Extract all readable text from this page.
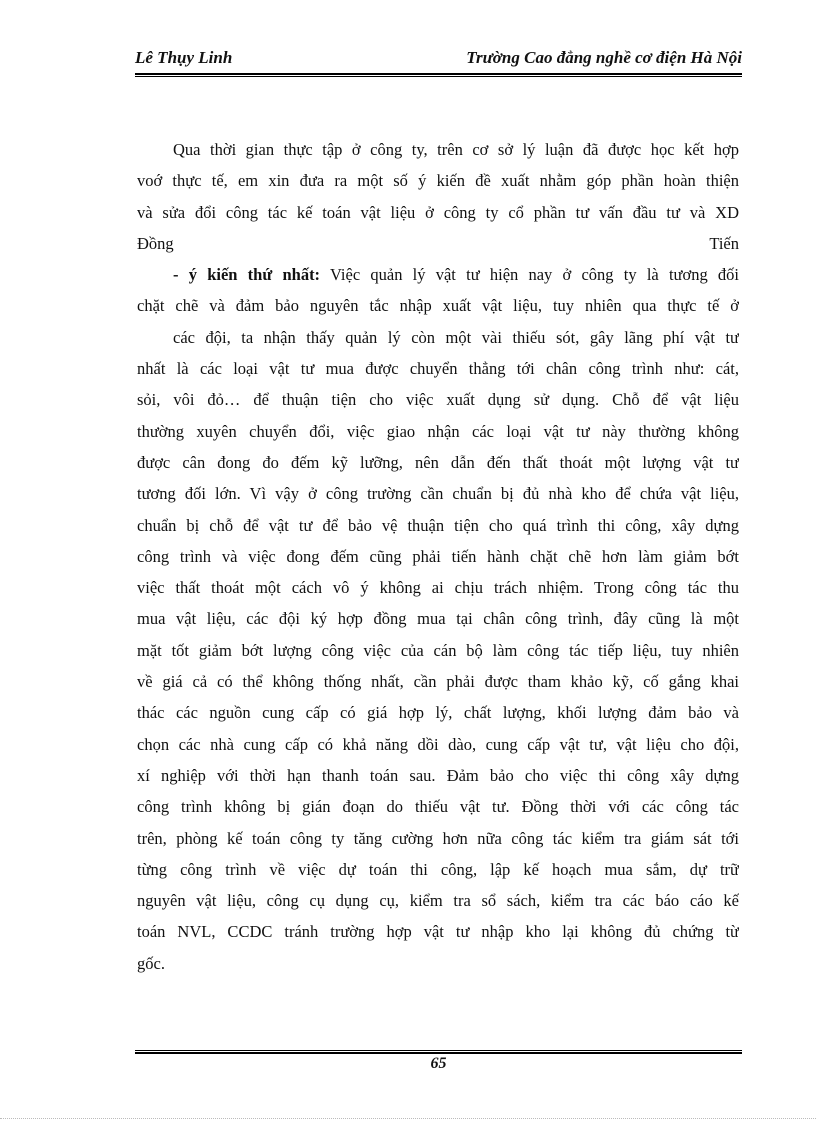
Lê Thụy Linh	Trường Cao đẳng nghề cơ điện Hà Nội
Qua thời gian thực tập ở công ty, trên cơ sở lý luận đã được học kết hợp
voớ thực tế, em xin đưa ra một số ý kiến đề xuất nhằm góp phần hoàn thiện
và sửa đổi công tác kế toán vật liệu ở công ty cổ phần tư vấn đầu tư và XD
Đồng Tiến
- ý kiến thứ nhất: Việc quản lý vật tư hiện nay ở công ty là tương đối
chặt chẽ và đảm bảo nguyên tắc nhập xuất vật liệu, tuy nhiên qua thực tế ở
các đội, ta nhận thấy quản lý còn một vài thiếu sót, gây lãng phí vật tư
nhất là các loại vật tư mua được chuyển thẳng tới chân công trình như: cát,
sỏi, vôi đỏ… để thuận tiện cho việc xuất dụng sử dụng. Chỗ để vật liệu
thường xuyên chuyển đổi, việc giao nhận các loại vật tư này thường không
được cân đong đo đếm kỹ lưỡng, nên dẫn đến thất thoát một lượng vật tư
tương đối lớn. Vì vậy ở công trường cần chuẩn bị đủ nhà kho để chứa vật liệu,
chuẩn bị chỗ để vật tư để bảo vệ thuận tiện cho quá trình thi công, xây dựng
công trình và việc đong đếm cũng phải tiến hành chặt chẽ hơn làm giảm bớt
việc thất thoát một cách vô ý không ai chịu trách nhiệm. Trong công tác thu
mua vật liệu, các đội ký hợp đồng mua tại chân công trình, đây cũng là một
mặt tốt giảm bớt lượng công việc của cán bộ làm công tác tiếp liệu, tuy nhiên
về giá cả có thể không thống nhất, cần phải được tham khảo kỹ, cố gắng khai
thác các nguồn cung cấp có giá hợp lý, chất lượng, khối lượng đảm bảo và
chọn các nhà cung cấp có khả năng dồi dào, cung cấp vật tư, vật liệu cho đội,
xí nghiệp với thời hạn thanh toán sau. Đảm bảo cho việc thi công xây dựng
công trình không bị gián đoạn do thiếu vật tư. Đồng thời với các công tác
trên, phòng kế toán công ty tăng cường hơn nữa công tác kiểm tra giám sát tới
từng công trình về việc dự toán thi công, lập kế hoạch mua sắm, dự trữ
nguyên vật liệu, công cụ dụng cụ, kiểm tra sổ sách, kiểm tra các báo cáo kế
toán NVL, CCDC tránh trường hợp vật tư nhập kho lại không đủ chứng từ
gốc.
65
